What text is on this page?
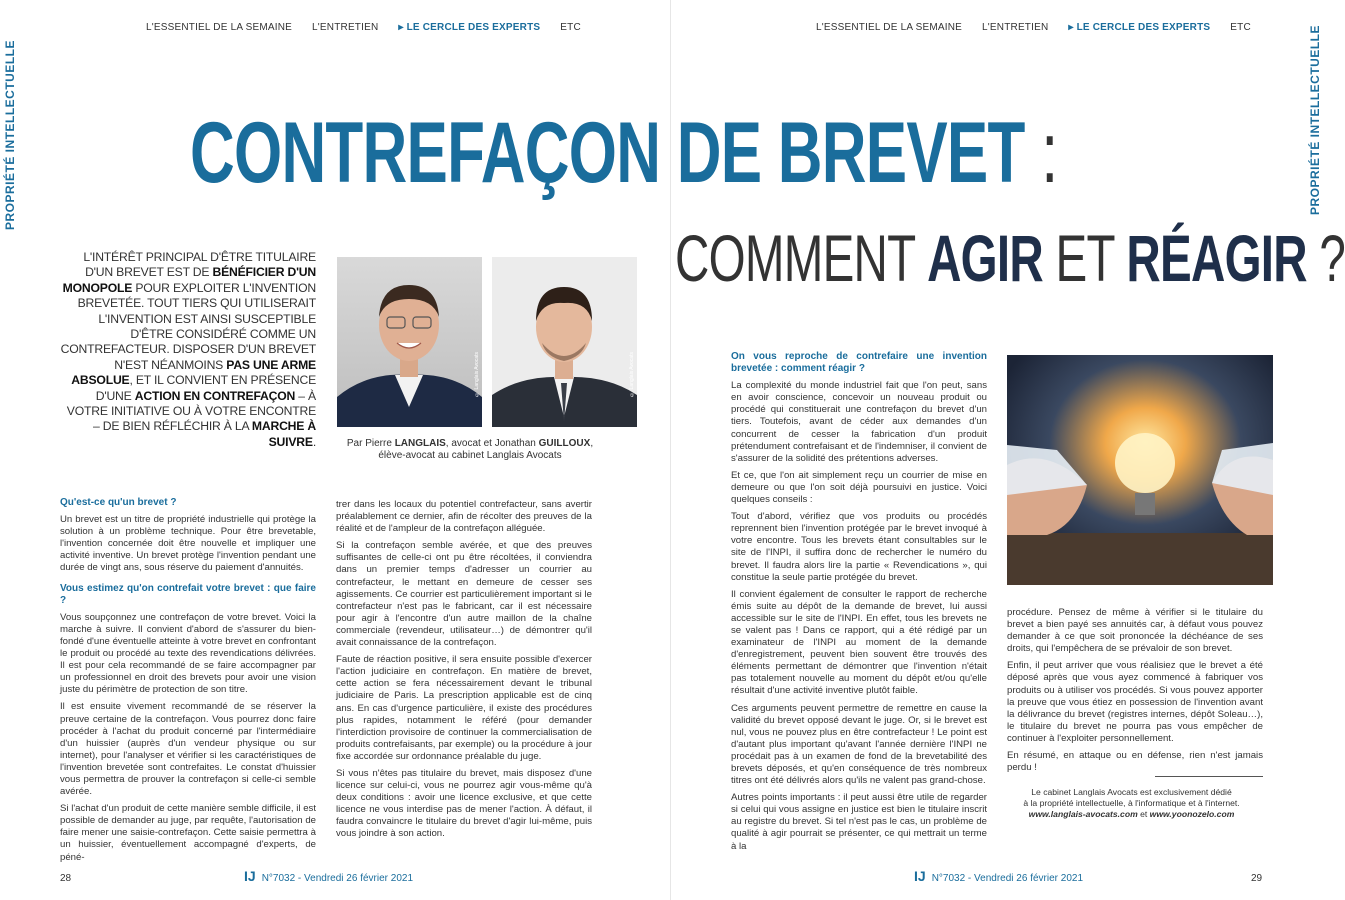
L'ESSENTIEL DE LA SEMAINE L'ENTRETIEN ▸ LE CERCLE DES EXPERTS ETC	L'ESSENTIEL DE LA SEMAINE L'ENTRETIEN ▸ LE CERCLE DES EXPERTS ETC
PROPRIÉTÉ INTELLECTUELLE	PROPRIÉTÉ INTELLECTUELLE
CONTREFAÇON DE BREVET :
COMMENT AGIR ET RÉAGIR ?
L'INTÉRÊT PRINCIPAL D'ÊTRE TITULAIRE D'UN BREVET EST DE BÉNÉFICIER D'UN MONOPOLE POUR EXPLOITER L'INVENTION BREVETÉE. TOUT TIERS QUI UTILISERAIT L'INVENTION EST AINSI SUSCEPTIBLE D'ÊTRE CONSIDÉRÉ COMME UN CONTREFACTEUR. DISPOSER D'UN BREVET N'EST NÉANMOINS PAS UNE ARME ABSOLUE, ET IL CONVIENT EN PRÉSENCE D'UNE ACTION EN CONTREFAÇON – À VOTRE INITIATIVE OU À VOTRE ENCONTRE – DE BIEN RÉFLÉCHIR À LA MARCHE À SUIVRE.
© Langlais Avocats	© Langlais Avocats
Par Pierre LANGLAIS, avocat et Jonathan GUILLOUX,
élève-avocat au cabinet Langlais Avocats
Qu'est-ce qu'un brevet ?

Un brevet est un titre de propriété industrielle qui protège la solution à un problème technique. Pour être brevetable, l'invention concernée doit être nouvelle et impliquer une activité inventive. Un brevet protège l'invention pendant une durée de vingt ans, sous réserve du paiement d'annuités.

Vous estimez qu'on contrefait votre brevet : que faire ?

Vous soupçonnez une contrefaçon de votre brevet. Voici la marche à suivre. Il convient d'abord de s'assurer du bien-fondé d'une éventuelle atteinte à votre brevet en confrontant le produit ou procédé au texte des revendications délivrées. Il est pour cela recommandé de se faire accompagner par un professionnel en droit des brevets pour avoir une vision juste du périmètre de protection de son titre.

Il est ensuite vivement recommandé de se réserver la preuve certaine de la contrefaçon. Vous pourrez donc faire procéder à l'achat du produit concerné par l'intermédiaire d'un huissier (auprès d'un vendeur physique ou sur internet), pour l'analyser et vérifier si les caractéristiques de l'invention brevetée sont contrefaites. Le constat d'huissier vous permettra de prouver la contrefaçon si celle-ci semble avérée.

Si l'achat d'un produit de cette manière semble difficile, il est possible de demander au juge, par requête, l'autorisation de faire mener une saisie-contrefaçon. Cette saisie permettra à un huissier, éventuellement accompagné d'experts, de péné-

trer dans les locaux du potentiel contrefacteur, sans avertir préalablement ce dernier, afin de récolter des preuves de la réalité et de l'ampleur de la contrefaçon alléguée.

Si la contrefaçon semble avérée, et que des preuves suffisantes de celle-ci ont pu être récoltées, il conviendra dans un premier temps d'adresser un courrier au contrefacteur, le mettant en demeure de cesser ses agissements. Ce courrier est particulièrement important si le contrefacteur n'est pas le fabricant, car il est nécessaire pour agir à l'encontre d'un autre maillon de la chaîne commerciale (revendeur, utilisateur…) de démontrer qu'il avait connaissance de la contrefaçon.

Faute de réaction positive, il sera ensuite possible d'exercer l'action judiciaire en contrefaçon. En matière de brevet, cette action se fera nécessairement devant le tribunal judiciaire de Paris. La prescription applicable est de cinq ans. En cas d'urgence particulière, il existe des procédures plus rapides, notamment le référé (pour demander l'interdiction provisoire de continuer la commercialisation de produits contrefaisants, par exemple) ou la procédure à jour fixe accordée sur ordonnance préalable du juge.

Si vous n'êtes pas titulaire du brevet, mais disposez d'une licence sur celui-ci, vous ne pourrez agir vous-même qu'à deux conditions : avoir une licence exclusive, et que cette licence ne vous interdise pas de mener l'action. À défaut, il faudra convaincre le titulaire du brevet d'agir lui-même, puis vous joindre à son action.

On vous reproche de contrefaire une invention brevetée : comment réagir ?

La complexité du monde industriel fait que l'on peut, sans en avoir conscience, concevoir un nouveau produit ou procédé qui constituerait une contrefaçon du brevet d'un tiers. Toutefois, avant de céder aux demandes d'un concurrent de cesser la fabrication d'un produit prétendument contrefaisant et de l'indemniser, il convient de s'assurer de la solidité des prétentions adverses.

Et ce, que l'on ait simplement reçu un courrier de mise en demeure ou que l'on soit déjà poursuivi en justice. Voici quelques conseils :

Tout d'abord, vérifiez que vos produits ou procédés reprennent bien l'invention protégée par le brevet invoqué à votre encontre. Tous les brevets étant consultables sur le site de l'INPI, il suffira donc de rechercher le numéro du brevet. Il faudra alors lire la partie « Revendications », qui constitue la seule partie protégée du brevet.

Il convient également de consulter le rapport de recherche émis suite au dépôt de la demande de brevet, lui aussi accessible sur le site de l'INPI. En effet, tous les brevets ne se valent pas ! Dans ce rapport, qui a été rédigé par un examinateur de l'INPI au moment de la demande d'enregistrement, peuvent bien souvent être trouvés des éléments permettant de démontrer que l'invention n'était pas totalement nouvelle au moment du dépôt et/ou qu'elle résultait d'une activité inventive plutôt faible.

Ces arguments peuvent permettre de remettre en cause la validité du brevet opposé devant le juge. Or, si le brevet est nul, vous ne pouvez plus en être contrefacteur ! Le point est d'autant plus important qu'avant l'année dernière l'INPI ne procédait pas à un examen de fond de la brevetabilité des brevets déposés, et qu'en conséquence de très nombreux titres ont été délivrés alors qu'ils ne valent pas grand-chose.

Autres points importants : il peut aussi être utile de regarder si celui qui vous assigne en justice est bien le titulaire inscrit au registre du brevet. Si tel n'est pas le cas, un problème de qualité à agir pourrait se présenter, ce qui mettrait un terme à la

procédure. Pensez de même à vérifier si le titulaire du brevet a bien payé ses annuités car, à défaut vous pouvez demander à ce que soit prononcée la déchéance de ses droits, qui l'empêchera de se prévaloir de son brevet.

Enfin, il peut arriver que vous réalisiez que le brevet a été déposé après que vous ayez commencé à fabriquer vos produits ou à utiliser vos procédés. Si vous pouvez apporter la preuve que vous étiez en possession de l'invention avant la délivrance du brevet (registres internes, dépôt Soleau…), le titulaire du brevet ne pourra pas vous empêcher de continuer à l'exploiter personnellement.

En résumé, en attaque ou en défense, rien n'est jamais perdu !

Le cabinet Langlais Avocats est exclusivement dédié
à la propriété intellectuelle, à l'informatique et à l'internet.
www.langlais-avocats.com et www.yoonozelo.com
28	IJ N°7032 - Vendredi 26 février 2021	IJ N°7032 - Vendredi 26 février 2021	29
